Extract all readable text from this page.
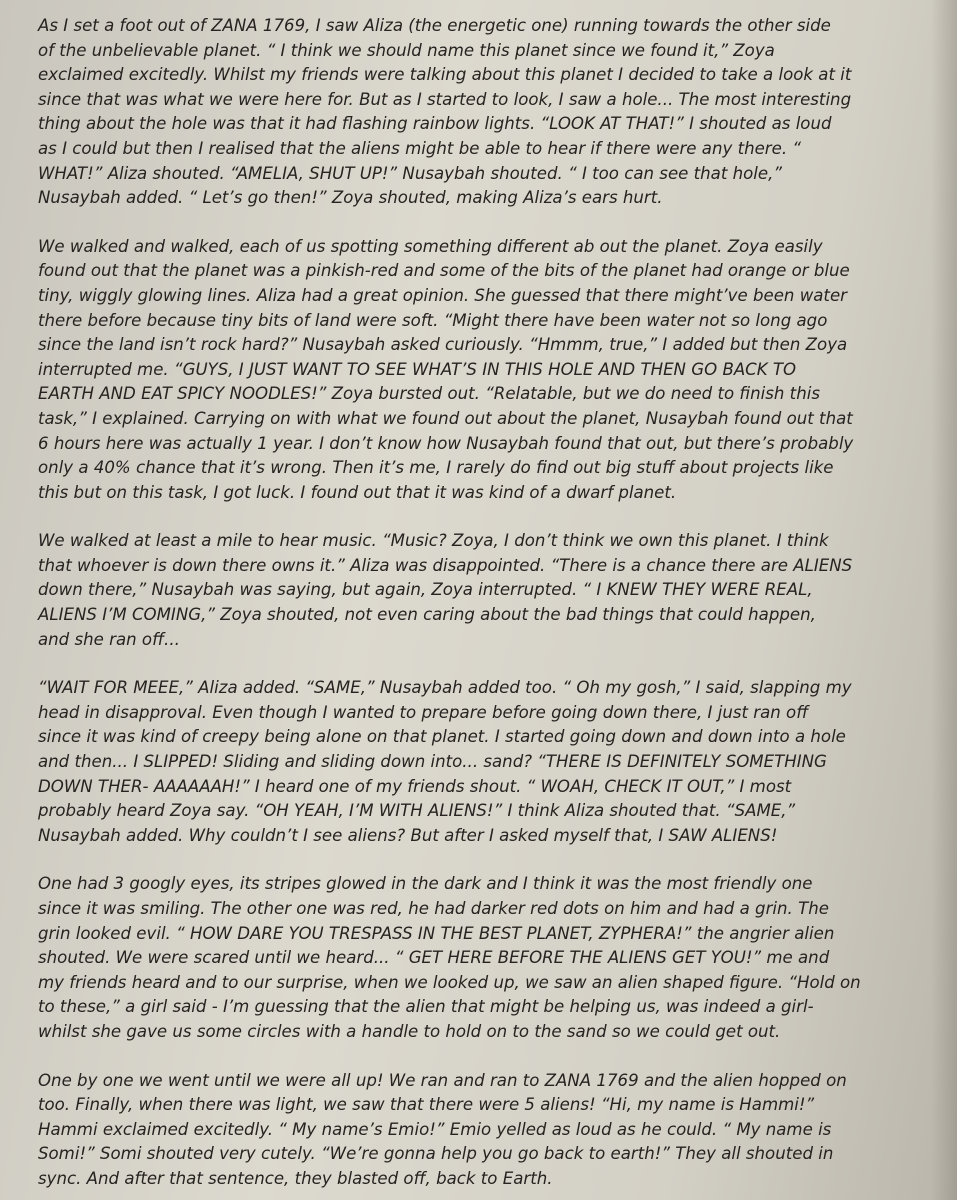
As I set a foot out of ZANA 1769, I saw Aliza (the energetic one) running towards the other side
of the unbelievable planet. “ I think we should name this planet since we found it,” Zoya
exclaimed excitedly. Whilst my friends were talking about this planet I decided to take a look at it
since that was what we were here for. But as I started to look, I saw a hole... The most interesting
thing about the hole was that it had flashing rainbow lights. “LOOK AT THAT!” I shouted as loud
as I could but then I realised that the aliens might be able to hear if there were any there. “
WHAT!” Aliza shouted. “AMELIA, SHUT UP!” Nusaybah shouted. “ I too can see that hole,”
Nusaybah added. “ Let’s go then!” Zoya shouted, making Aliza’s ears hurt.
We walked and walked, each of us spotting something different ab out the planet. Zoya easily
found out that the planet was a pinkish-red and some of the bits of the planet had orange or blue
tiny, wiggly glowing lines. Aliza had a great opinion. She guessed that there might’ve been water
there before because tiny bits of land were soft. “Might there have been water not so long ago
since the land isn’t rock hard?” Nusaybah asked curiously. “Hmmm, true,” I added but then Zoya
interrupted me. “GUYS, I JUST WANT TO SEE WHAT’S IN THIS HOLE AND THEN GO BACK TO
EARTH AND EAT SPICY NOODLES!” Zoya bursted out. “Relatable, but we do need to finish this
task,” I explained. Carrying on with what we found out about the planet, Nusaybah found out that
6 hours here was actually 1 year. I don’t know how Nusaybah found that out, but there’s probably
only a 40% chance that it’s wrong. Then it’s me, I rarely do find out big stuff about projects like
this but on this task, I got luck. I found out that it was kind of a dwarf planet.
We walked at least a mile to hear music. “Music? Zoya, I don’t think we own this planet. I think
that whoever is down there owns it.” Aliza was disappointed. “There is a chance there are ALIENS
down there,” Nusaybah was saying, but again, Zoya interrupted. “ I KNEW THEY WERE REAL,
ALIENS I’M COMING,” Zoya shouted, not even caring about the bad things that could happen,
and she ran off...
“WAIT FOR MEEE,” Aliza added. “SAME,” Nusaybah added too. “ Oh my gosh,” I said, slapping my
head in disapproval. Even though I wanted to prepare before going down there, I just ran off
since it was kind of creepy being alone on that planet. I started going down and down into a hole
and then... I SLIPPED! Sliding and sliding down into... sand? “THERE IS DEFINITELY SOMETHING
DOWN THER- AAAAAAH!” I heard one of my friends shout. “ WOAH, CHECK IT OUT,” I most
probably heard Zoya say. “OH YEAH, I’M WITH ALIENS!” I think Aliza shouted that. “SAME,”
Nusaybah added. Why couldn’t I see aliens? But after I asked myself that, I SAW ALIENS!
One had 3 googly eyes, its stripes glowed in the dark and I think it was the most friendly one
since it was smiling. The other one was red, he had darker red dots on him and had a grin. The
grin looked evil. “ HOW DARE YOU TRESPASS IN THE BEST PLANET, ZYPHERA!” the angrier alien
shouted. We were scared until we heard... “ GET HERE BEFORE THE ALIENS GET YOU!” me and
my friends heard and to our surprise, when we looked up, we saw an alien shaped figure. “Hold on
to these,” a girl said - I’m guessing that the alien that might be helping us, was indeed a girl-
whilst she gave us some circles with a handle to hold on to the sand so we could get out.
One by one we went until we were all up! We ran and ran to ZANA 1769 and the alien hopped on
too. Finally, when there was light, we saw that there were 5 aliens! “Hi, my name is Hammi!”
Hammi exclaimed excitedly. “ My name’s Emio!” Emio yelled as loud as he could. “ My name is
Somi!” Somi shouted very cutely. “We’re gonna help you go back to earth!” They all shouted in
sync. And after that sentence, they blasted off, back to Earth.
